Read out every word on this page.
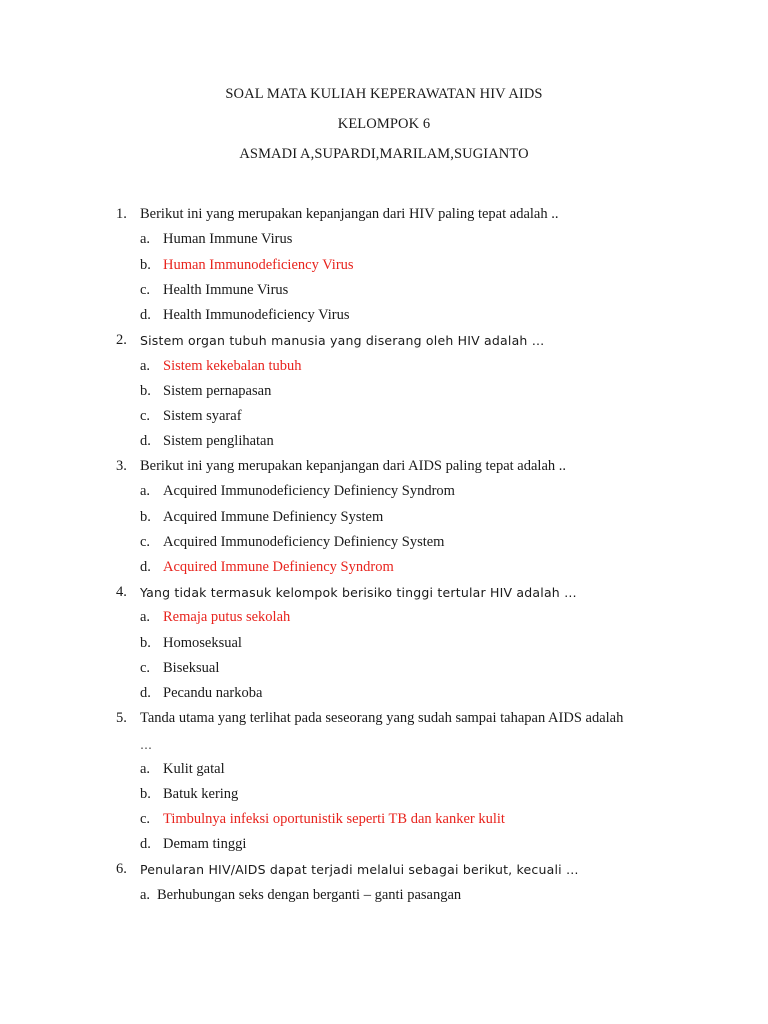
SOAL MATA KULIAH KEPERAWATAN HIV AIDS
KELOMPOK 6
ASMADI A,SUPARDI,MARILAM,SUGIANTO
1. Berikut ini yang merupakan kepanjangan dari HIV paling tepat adalah ..
a. Human Immune Virus
b. Human Immunodeficiency Virus
c. Health Immune Virus
d. Health Immunodeficiency Virus
2. Sistem organ tubuh manusia yang diserang oleh HIV adalah …
a. Sistem kekebalan tubuh
b. Sistem pernapasan
c. Sistem syaraf
d. Sistem penglihatan
3. Berikut ini yang merupakan kepanjangan dari AIDS paling tepat adalah ..
a. Acquired Immunodeficiency Definiency Syndrom
b. Acquired Immune Definiency System
c. Acquired Immunodeficiency Definiency System
d. Acquired Immune Definiency Syndrom
4. Yang tidak termasuk kelompok berisiko tinggi tertular HIV adalah …
a. Remaja putus sekolah
b. Homoseksual
c. Biseksual
d. Pecandu narkoba
5. Tanda utama yang terlihat pada seseorang yang sudah sampai tahapan AIDS adalah
…
a. Kulit gatal
b. Batuk kering
c. Timbulnya infeksi oportunistik seperti TB dan kanker kulit
d. Demam tinggi
6. Penularan HIV/AIDS dapat terjadi melalui sebagai berikut, kecuali …
a. Berhubungan seks dengan berganti – ganti pasangan
